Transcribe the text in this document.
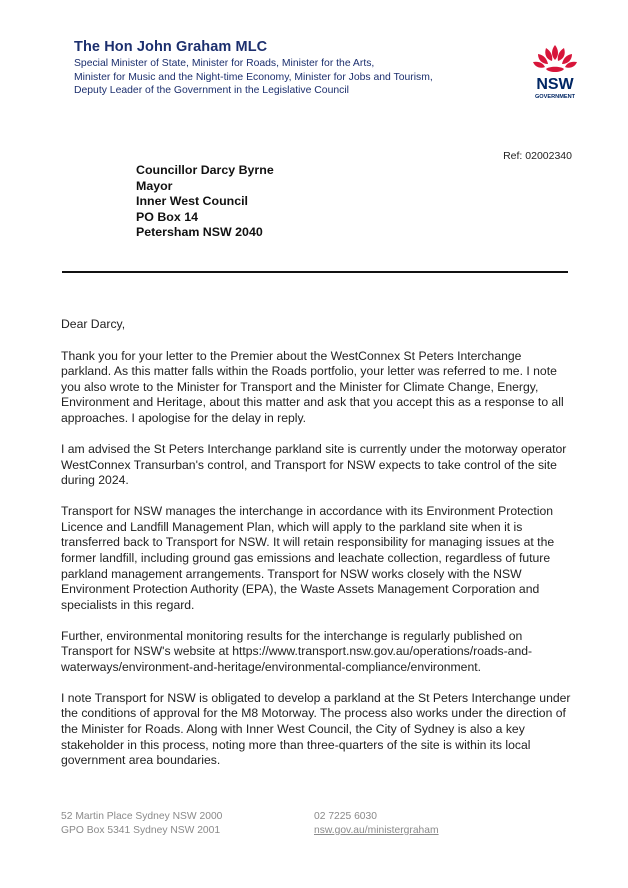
The Hon John Graham MLC
Special Minister of State, Minister for Roads, Minister for the Arts,
Minister for Music and the Night-time Economy, Minister for Jobs and Tourism,
Deputy Leader of the Government in the Legislative Council	NSW
GOVERNMENT
Ref: 02002340
Councillor Darcy Byrne
Mayor
Inner West Council
PO Box 14
Petersham NSW 2040

Dear Darcy,

Thank you for your letter to the Premier about the WestConnex St Peters Interchange parkland. As this matter falls within the Roads portfolio, your letter was referred to me. I note you also wrote to the Minister for Transport and the Minister for Climate Change, Energy, Environment and Heritage, about this matter and ask that you accept this as a response to all approaches. I apologise for the delay in reply.

I am advised the St Peters Interchange parkland site is currently under the motorway operator WestConnex Transurban's control, and Transport for NSW expects to take control of the site during 2024.

Transport for NSW manages the interchange in accordance with its Environment Protection Licence and Landfill Management Plan, which will apply to the parkland site when it is transferred back to Transport for NSW. It will retain responsibility for managing issues at the former landfill, including ground gas emissions and leachate collection, regardless of future parkland management arrangements. Transport for NSW works closely with the NSW Environment Protection Authority (EPA), the Waste Assets Management Corporation and specialists in this regard.

Further, environmental monitoring results for the interchange is regularly published on Transport for NSW's website at https://www.transport.nsw.gov.au/operations/roads-and-waterways/environment-and-heritage/environmental-compliance/environment.

I note Transport for NSW is obligated to develop a parkland at the St Peters Interchange under the conditions of approval for the M8 Motorway. The process also works under the direction of the Minister for Roads. Along with Inner West Council, the City of Sydney is also a key stakeholder in this process, noting more than three-quarters of the site is within its local government area boundaries.

52 Martin Place Sydney NSW 2000
GPO Box 5341 Sydney NSW 2001
02 7225 6030
nsw.gov.au/ministergraham
